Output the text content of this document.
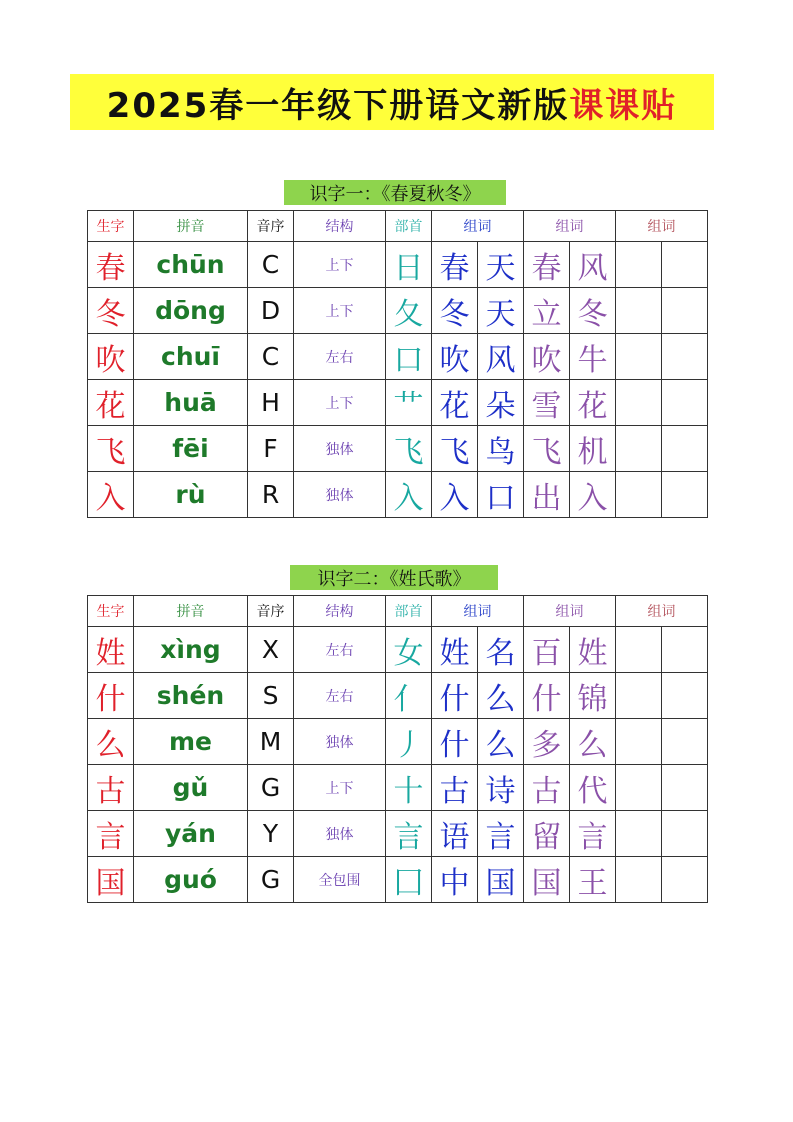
2025春一年级下册语文新版 课课贴
识字一：《春夏秋冬》
生字	拼音	音序	结构	部首	组词		组词		组词	
春	chūn	C	上下	日	春	天	春	风		
冬	dōng	D	上下	夂	冬	天	立	冬		
吹	chuī	C	左右	口	吹	风	吹	牛		
花	huā	H	上下	艹	花	朵	雪	花		
飞	fēi	F	独体	飞	飞	鸟	飞	机		
入	rù	R	独体	入	入	口	出	入		
识字二：《姓氏歌》
生字	拼音	音序	结构	部首	组词		组词		组词	
姓	xìng	X	左右	女	姓	名	百	姓		
什	shén	S	左右	亻	什	么	什	锦		
么	me	M	独体	丿	什	么	多	么		
古	gǔ	G	上下	十	古	诗	古	代		
言	yán	Y	独体	言	语	言	留	言		
国	guó	G	全包围	囗	中	国	国	王		
